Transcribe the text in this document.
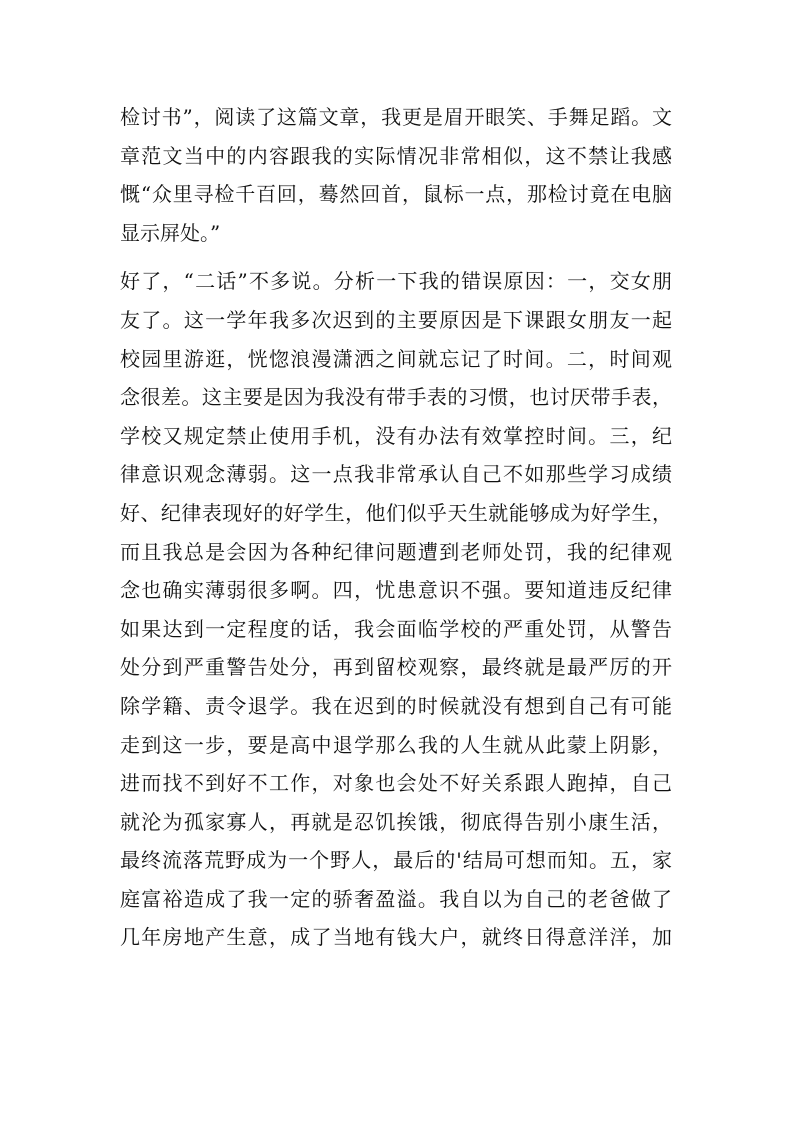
检讨书”，阅读了这篇文章，我更是眉开眼笑、手舞足蹈。文
章范文当中的内容跟我的实际情况非常相似，这不禁让我感
慨“众里寻检千百回，蓦然回首，鼠标一点，那检讨竟在电脑
显示屏处。”
好了，“二话”不多说。分析一下我的错误原因：一，交女朋
友了。这一学年我多次迟到的主要原因是下课跟女朋友一起
校园里游逛，恍惚浪漫潇洒之间就忘记了时间。二，时间观
念很差。这主要是因为我没有带手表的习惯，也讨厌带手表，
学校又规定禁止使用手机，没有办法有效掌控时间。三，纪
律意识观念薄弱。这一点我非常承认自己不如那些学习成绩
好、纪律表现好的好学生，他们似乎天生就能够成为好学生，
而且我总是会因为各种纪律问题遭到老师处罚，我的纪律观
念也确实薄弱很多啊。四，忧患意识不强。要知道违反纪律
如果达到一定程度的话，我会面临学校的严重处罚，从警告
处分到严重警告处分，再到留校观察，最终就是最严厉的开
除学籍、责令退学。我在迟到的时候就没有想到自己有可能
走到这一步，要是高中退学那么我的人生就从此蒙上阴影，
进而找不到好不工作，对象也会处不好关系跟人跑掉，自己
就沦为孤家寡人，再就是忍饥挨饿，彻底得告别小康生活，
最终流落荒野成为一个野人，最后的'结局可想而知。五，家
庭富裕造成了我一定的骄奢盈溢。我自以为自己的老爸做了
几年房地产生意，成了当地有钱大户，就终日得意洋洋，加
